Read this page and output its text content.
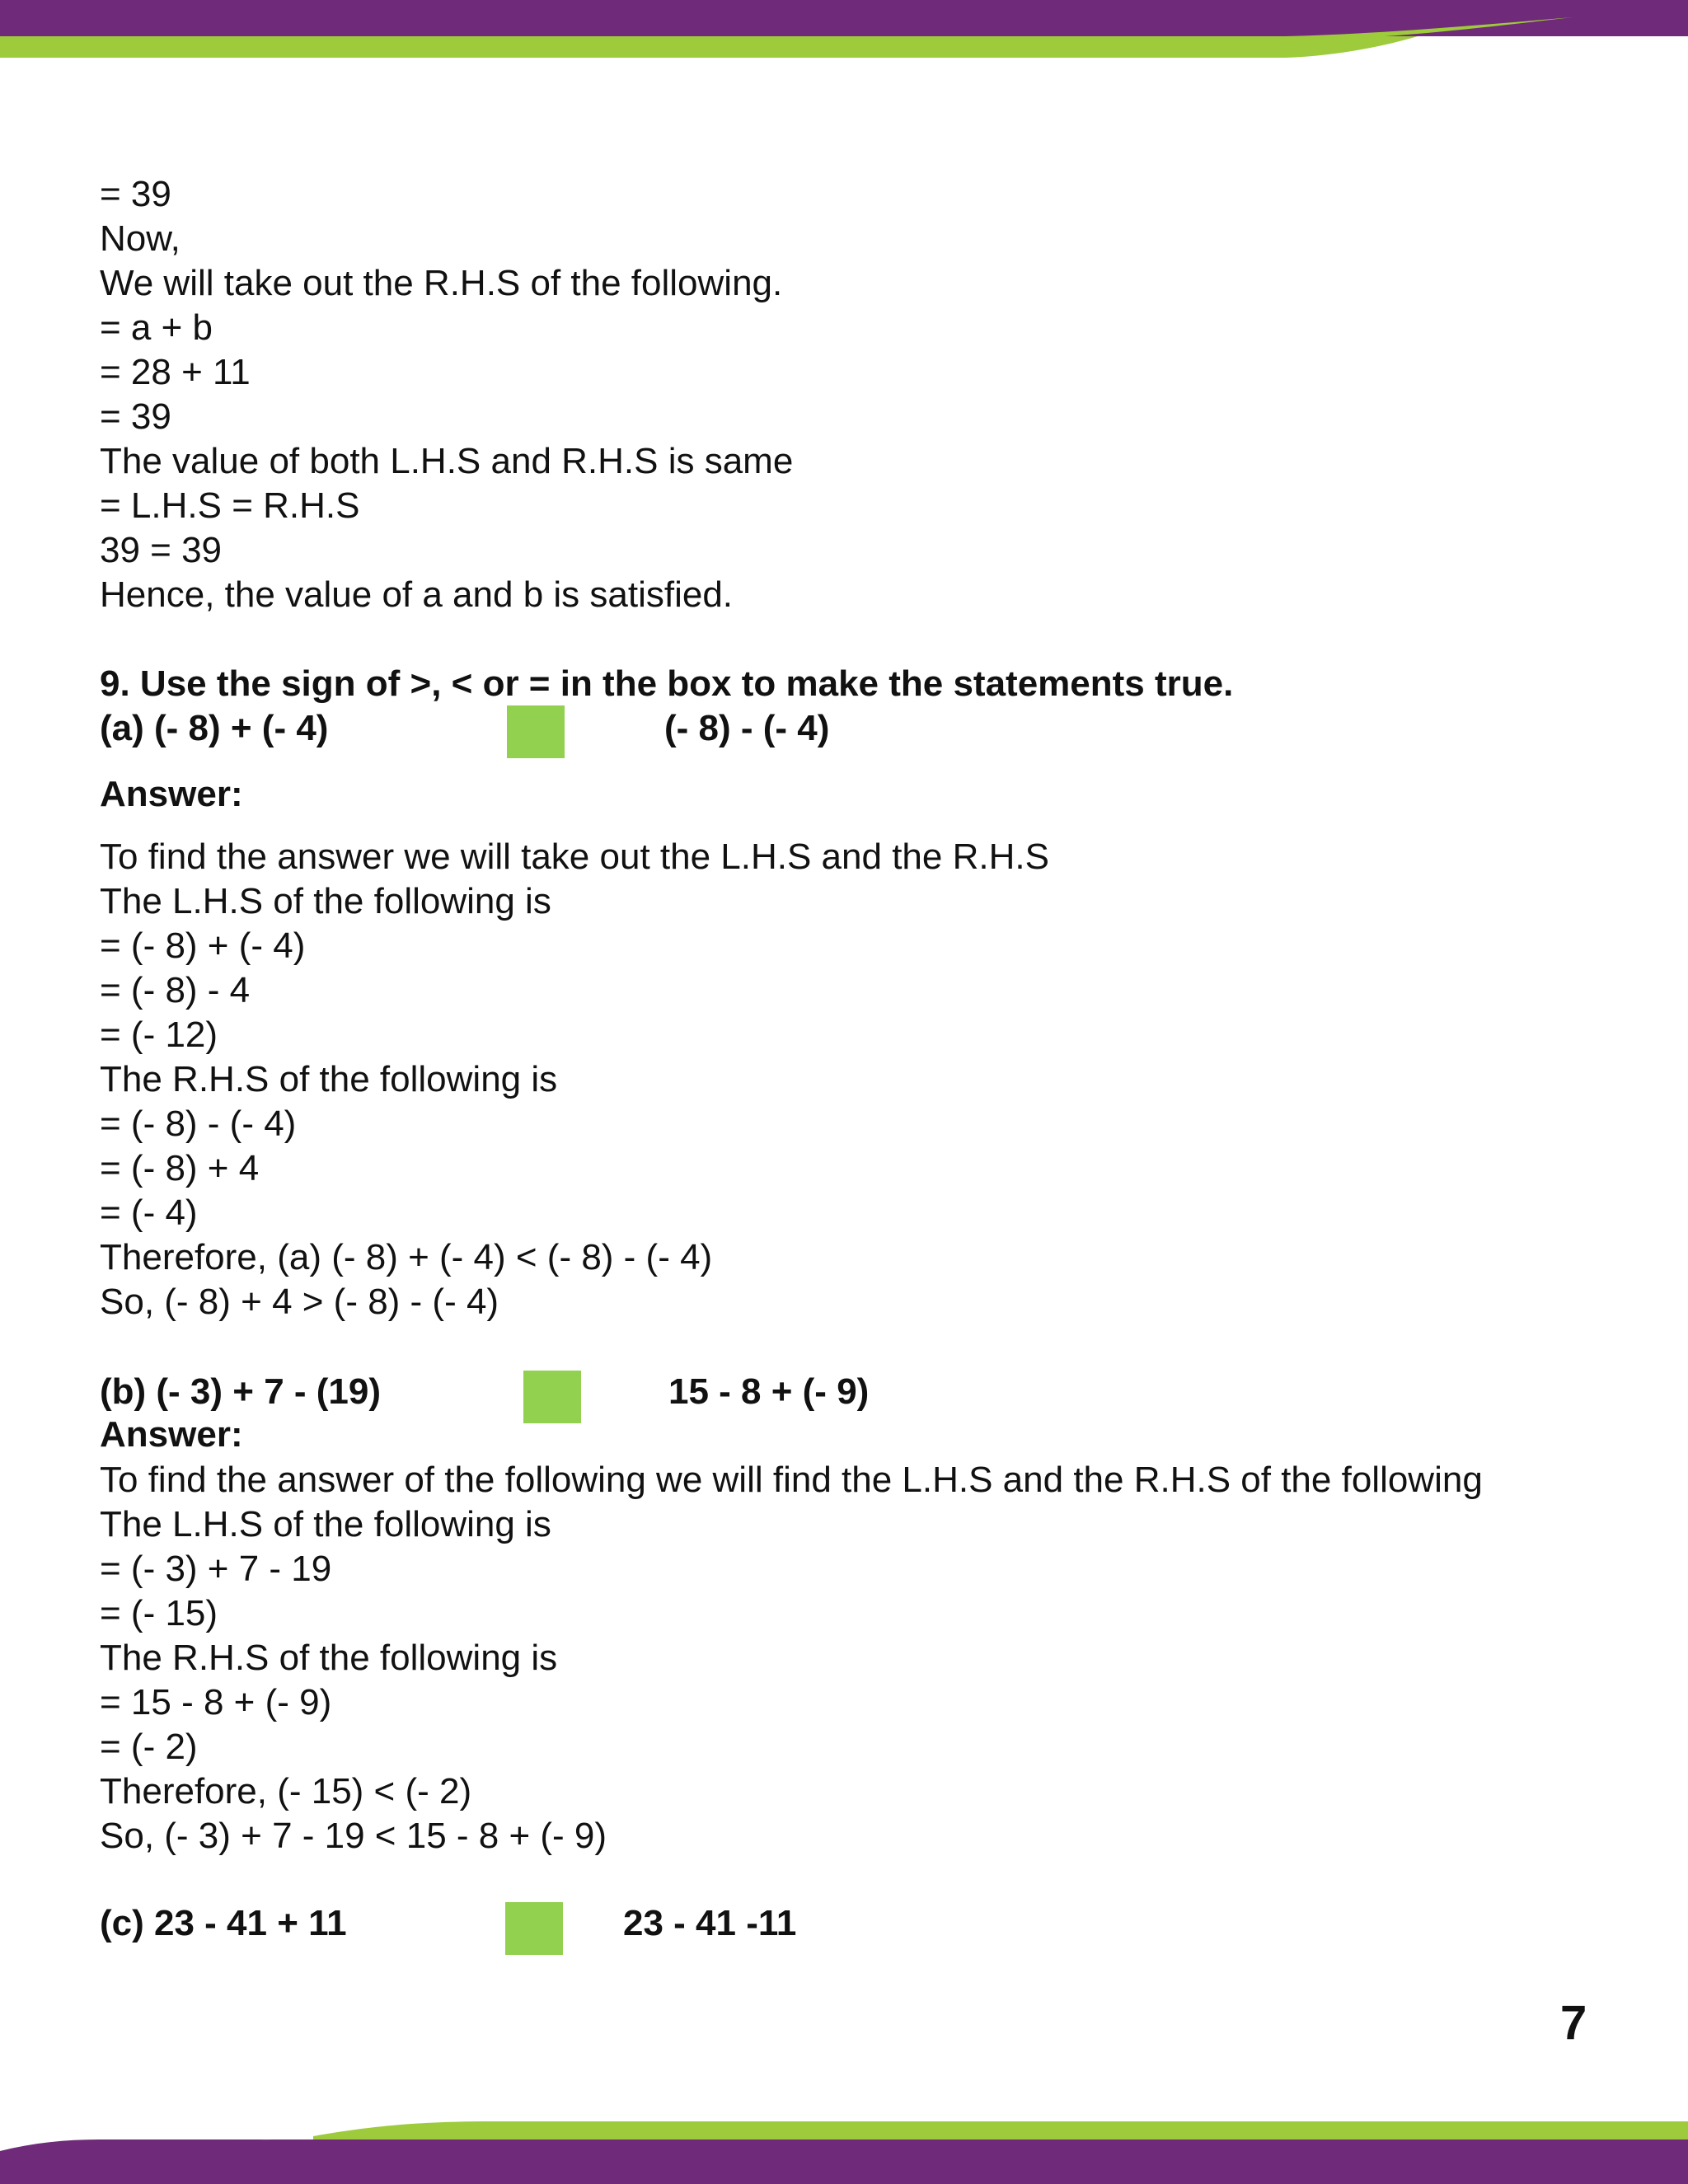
= 39
Now,
We will take out the R.H.S of the following.
= a + b
= 28 + 11
= 39
The value of both L.H.S and R.H.S is same
= L.H.S = R.H.S
39 = 39
Hence, the value of a and b is satisfied.
9. Use the sign of >, < or = in the box to make the statements true.
(a) (- 8) + (- 4)	(- 8) - (- 4)
Answer:
To find the answer we will take out the L.H.S and the R.H.S
The L.H.S of the following is
= (- 8) + (- 4)
= (- 8) - 4
= (- 12)
The R.H.S of the following is
= (- 8) - (- 4)
= (- 8) + 4
= (- 4)
Therefore, (a) (- 8) + (- 4) < (- 8) - (- 4)
So, (- 8) + 4 > (- 8) - (- 4)
(b) (- 3) + 7 - (19)	15 - 8 + (- 9)
Answer:
To find the answer of the following we will find the L.H.S and the R.H.S of the following
The L.H.S of the following is
= (- 3) + 7 - 19
= (- 15)
The R.H.S of the following is
= 15 - 8 + (- 9)
= (- 2)
Therefore, (- 15) < (- 2)
So, (- 3) + 7 - 19 < 15 - 8 + (- 9)
(c) 23 - 41 + 11	23 - 41 -11
7
